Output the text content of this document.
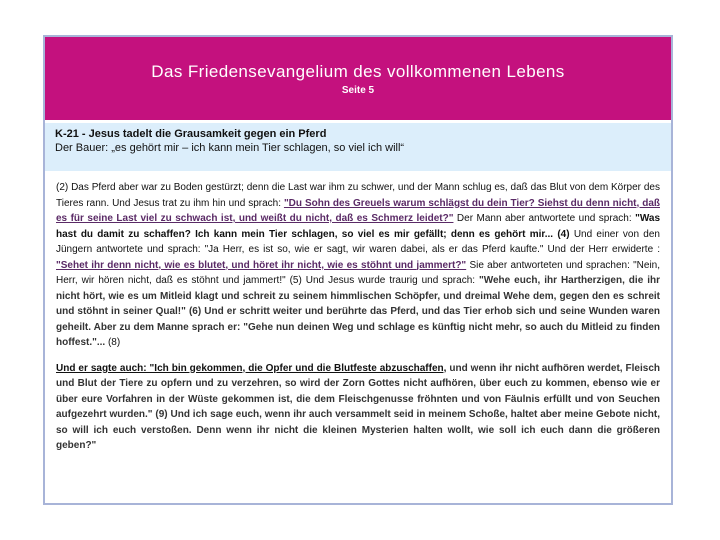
Das Friedensevangelium des vollkommenen Lebens
Seite 5
K-21 - Jesus tadelt die Grausamkeit gegen ein Pferd
Der Bauer: „es gehört mir – ich kann mein Tier schlagen, so viel ich will“

(2) Das Pferd aber war zu Boden gestürzt; denn die Last war ihm zu schwer, und der Mann schlug es, daß das Blut von dem Körper des Tieres rann. Und Jesus trat zu ihm hin und sprach: "Du Sohn des Greuels warum schlägst du dein Tier? Siehst du denn nicht, daß es für seine Last viel zu schwach ist, und weißt du nicht, daß es Schmerz leidet?" Der Mann aber antwortete und sprach: "Was hast du damit zu schaffen? Ich kann mein Tier schlagen, so viel es mir gefällt; denn es gehört mir... (4) Und einer von den Jüngern antwortete und sprach: "Ja Herr, es ist so, wie er sagt, wir waren dabei, als er das Pferd kaufte." Und der Herr erwiderte : "Sehet ihr denn nicht, wie es blutet, und höret ihr nicht, wie es stöhnt und jammert?" Sie aber antworteten und sprachen: "Nein, Herr, wir hören nicht, daß es stöhnt und jammert!" (5) Und Jesus wurde traurig und sprach: "Wehe euch, ihr Hartherzigen, die ihr nicht hört, wie es um Mitleid klagt und schreit zu seinem himmlischen Schöpfer, und dreimal Wehe dem, gegen den es schreit und stöhnt in seiner Qual!" (6) Und er schritt weiter und berührte das Pferd, und das Tier erhob sich und seine Wunden waren geheilt. Aber zu dem Manne sprach er: "Gehe nun deinen Weg und schlage es künftig nicht mehr, so auch du Mitleid zu finden hoffest."... (8)

Und er sagte auch: "Ich bin gekommen, die Opfer und die Blutfeste abzuschaffen, und wenn ihr nicht aufhören werdet, Fleisch und Blut der Tiere zu opfern und zu verzehren, so wird der Zorn Gottes nicht aufhören, über euch zu kommen, ebenso wie er über eure Vorfahren in der Wüste gekommen ist, die dem Fleischgenusse fröhnten und von Fäulnis erfüllt und von Seuchen aufgezehrt wurden." (9) Und ich sage euch, wenn ihr auch versammelt seid in meinem Schoße, haltet aber meine Gebote nicht, so will ich euch verstoßen. Denn wenn ihr nicht die kleinen Mysterien halten wollt, wie soll ich euch dann die größeren geben?"
